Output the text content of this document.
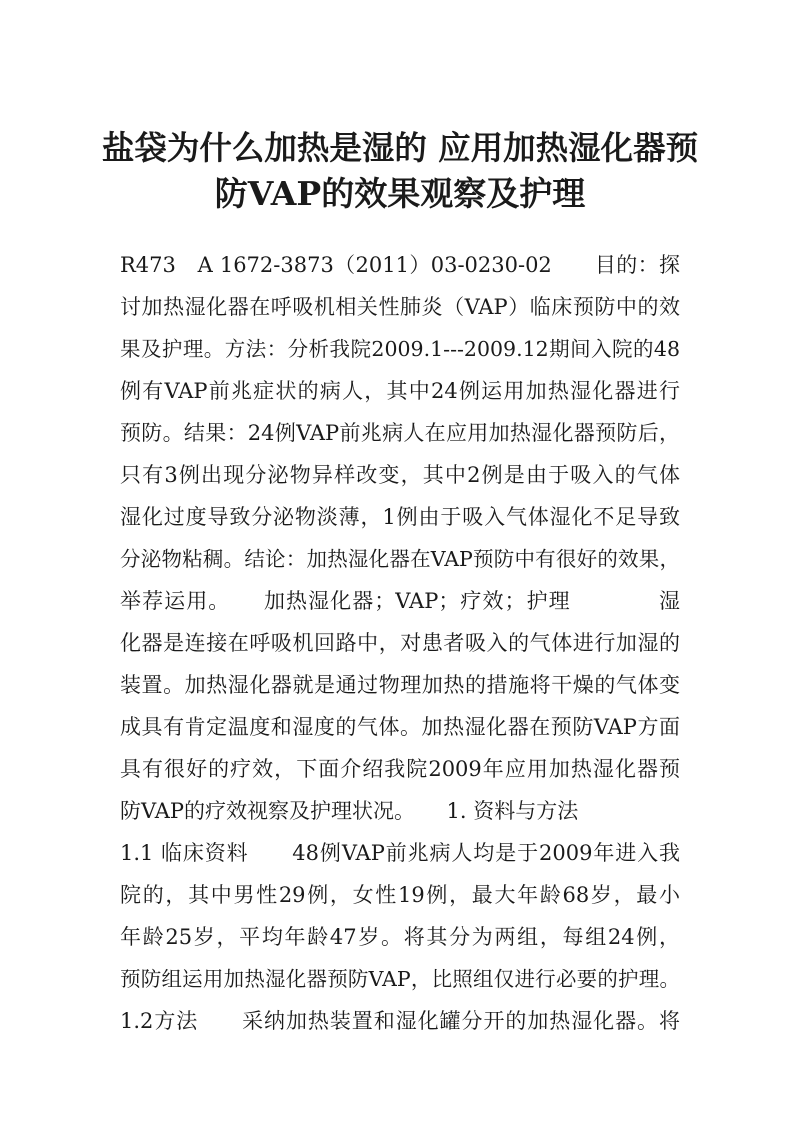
盐袋为什么加热是湿的 应用加热湿化器预
防VAP的效果观察及护理
R473　A 1672-3873（2011）03-0230-02　　目的：探
讨加热湿化器在呼吸机相关性肺炎（VAP）临床预防中的效
果及护理。方法：分析我院2009.1---2009.12期间入院的48
例有VAP前兆症状的病人，其中24例运用加热湿化器进行
预防。结果：24例VAP前兆病人在应用加热湿化器预防后，
只有3例出现分泌物异样改变，其中2例是由于吸入的气体
湿化过度导致分泌物淡薄，1例由于吸入气体湿化不足导致
分泌物粘稠。结论：加热湿化器在VAP预防中有很好的效果，
举荐运用。　　加热湿化器；VAP；疗效；护理　　　　湿
化器是连接在呼吸机回路中，对患者吸入的气体进行加湿的
装置。加热湿化器就是通过物理加热的措施将干燥的气体变
成具有肯定温度和湿度的气体。加热湿化器在预防VAP方面
具有很好的疗效，下面介绍我院2009年应用加热湿化器预
防VAP的疗效视察及护理状况。　　1. 资料与方法
1.1 临床资料　　48例VAP前兆病人均是于2009年进入我
院的，其中男性29例，女性19例，最大年龄68岁，最小
年龄25岁，平均年龄47岁。将其分为两组，每组24例，
预防组运用加热湿化器预防VAP，比照组仅进行必要的护理。
1.2方法　　采纳加热装置和湿化罐分开的加热湿化器。将
